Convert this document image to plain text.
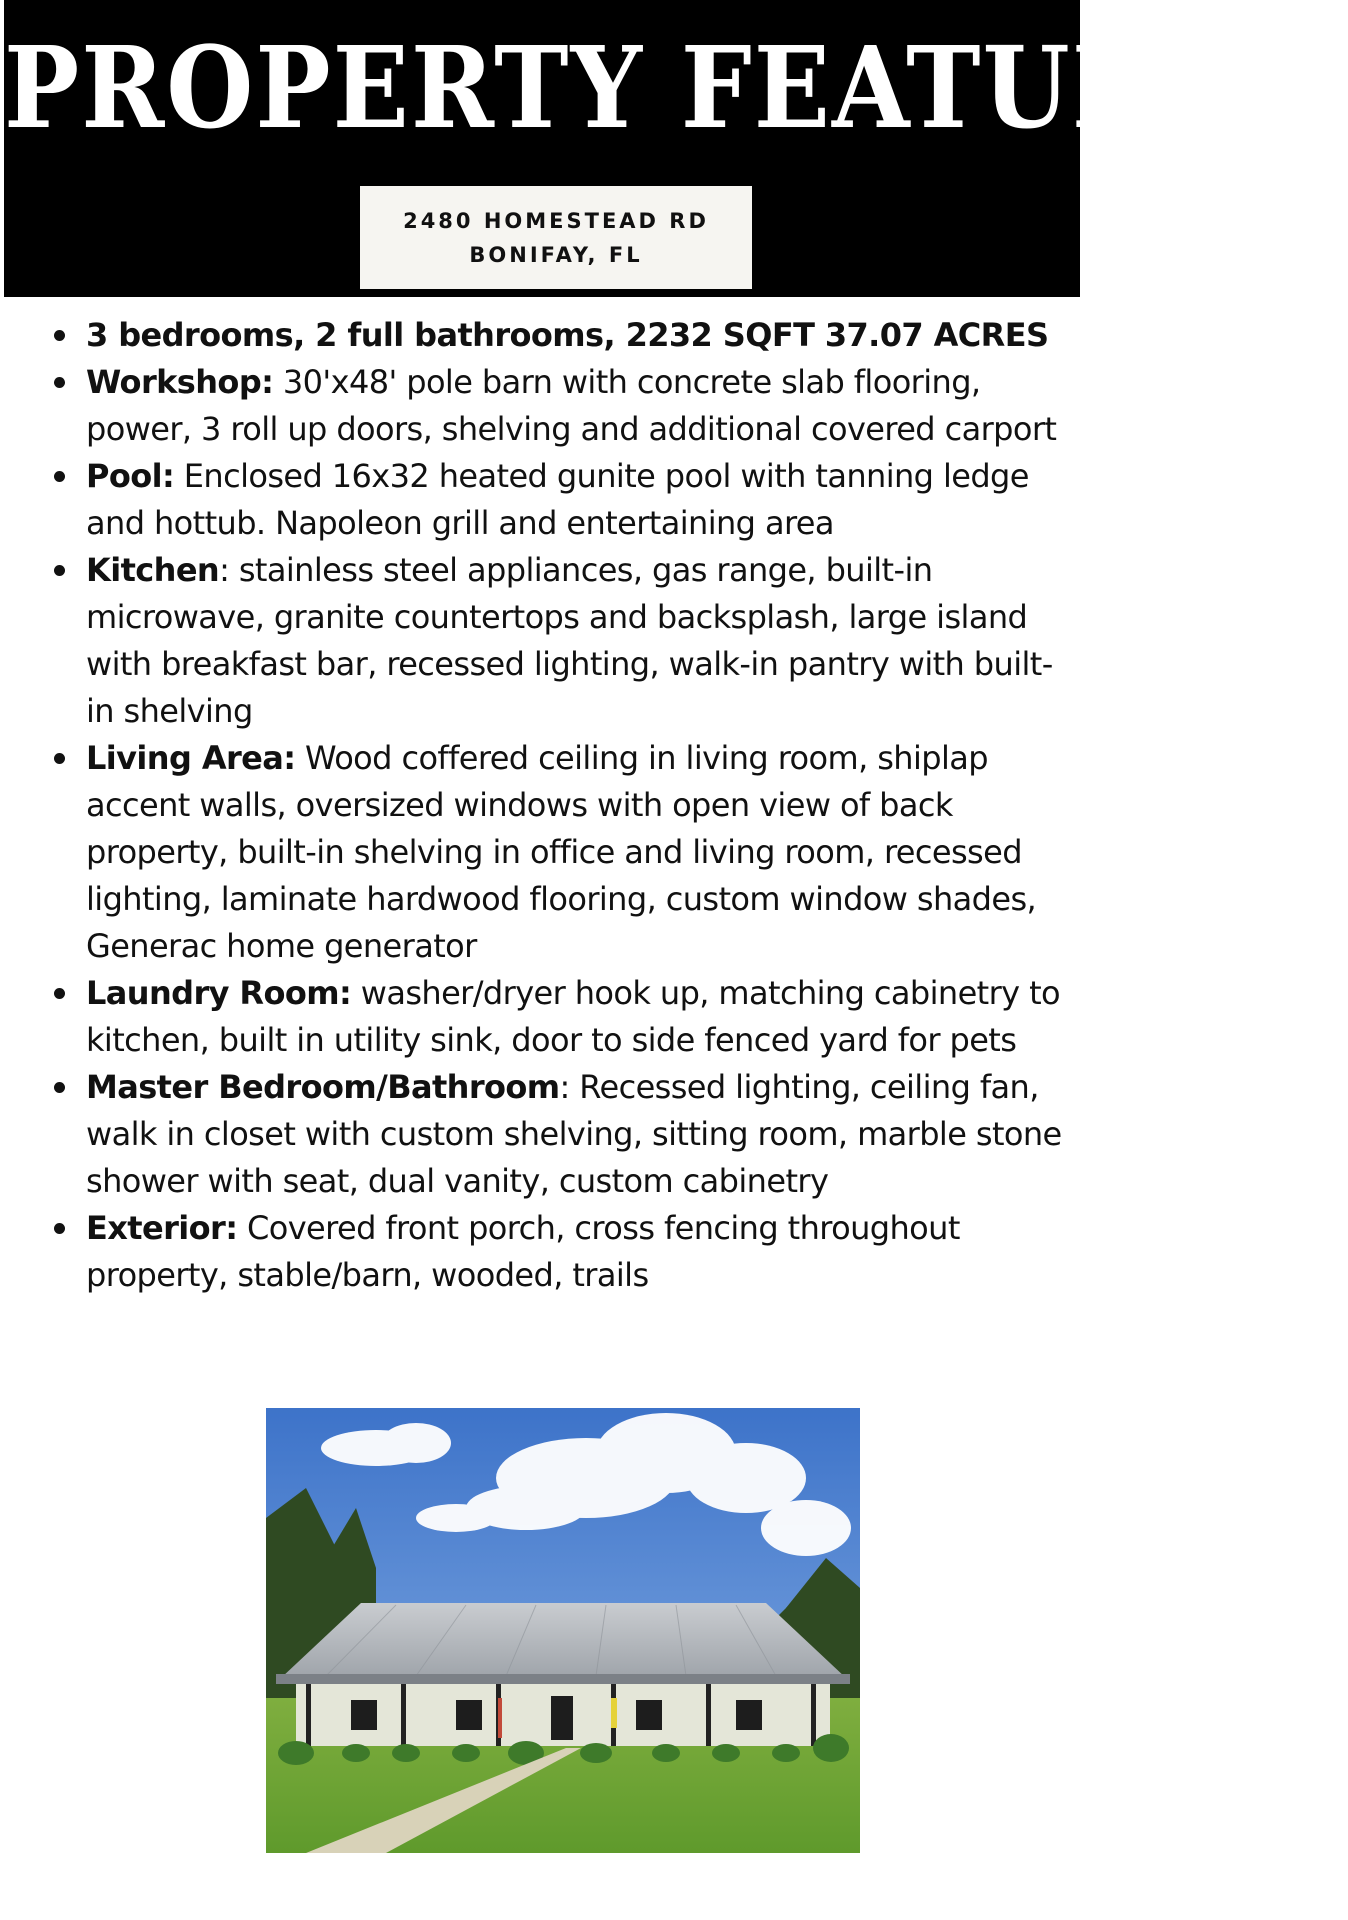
PROPERTY FEATURES:
2480 HOMESTEAD RD
BONIFAY, FL
3 bedrooms, 2 full bathrooms, 2232 SQFT 37.07 ACRES
Workshop: 30'x48' pole barn with concrete slab flooring, power, 3 roll up doors, shelving and additional covered carport
Pool: Enclosed 16x32 heated gunite pool with tanning ledge and hottub. Napoleon grill and entertaining area
Kitchen: stainless steel appliances, gas range, built-in microwave, granite countertops and backsplash, large island with breakfast bar, recessed lighting, walk-in pantry with built-in shelving
Living Area: Wood coffered ceiling in living room, shiplap accent walls, oversized windows with open view of back property, built-in shelving in office and living room, recessed lighting, laminate hardwood flooring, custom window shades, Generac home generator
Laundry Room: washer/dryer hook up, matching cabinetry to kitchen, built in utility sink, door to side fenced yard for pets
Master Bedroom/Bathroom: Recessed lighting, ceiling fan, walk in closet with custom shelving, sitting room, marble stone shower with seat, dual vanity, custom cabinetry
Exterior: Covered front porch, cross fencing throughout property, stable/barn, wooded, trails
